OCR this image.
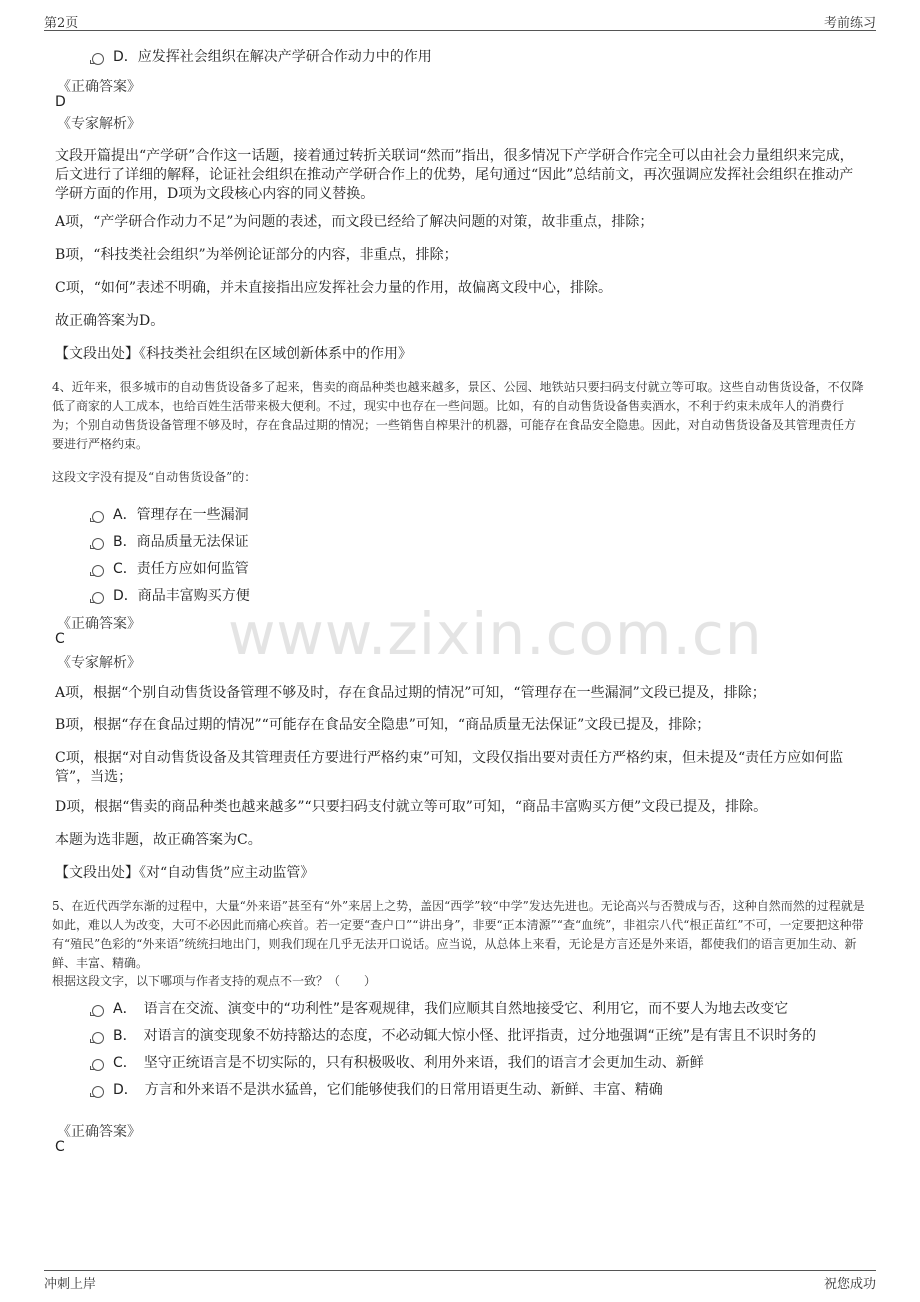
第2页	考前练习
D．应发挥社会组织在解决产学研合作动力中的作用
《正确答案》
D
《专家解析》
文段开篇提出“产学研”合作这一话题，接着通过转折关联词“然而”指出，很多情况下产学研合作完全可以由社会力量组织来完成，后文进行了详细的解释，论证社会组织在推动产学研合作上的优势，尾句通过“因此”总结前文，再次强调应发挥社会组织在推动产学研方面的作用，D项为文段核心内容的同义替换。
A项，“产学研合作动力不足”为问题的表述，而文段已经给了解决问题的对策，故非重点，排除；
B项，“科技类社会组织”为举例论证部分的内容，非重点，排除；
C项，“如何”表述不明确，并未直接指出应发挥社会力量的作用，故偏离文段中心，排除。
故正确答案为D。
【文段出处】《科技类社会组织在区域创新体系中的作用》
4、近年来，很多城市的自动售货设备多了起来，售卖的商品种类也越来越多，景区、公园、地铁站只要扫码支付就立等可取。这些自动售货设备，不仅降低了商家的人工成本，也给百姓生活带来极大便利。不过，现实中也存在一些问题。比如，有的自动售货设备售卖酒水，不利于约束未成年人的消费行为；个别自动售货设备管理不够及时，存在食品过期的情况；一些销售自榨果汁的机器，可能存在食品安全隐患。因此，对自动售货设备及其管理责任方要进行严格约束。
这段文字没有提及“自动售货设备”的：
A．管理存在一些漏洞
B．商品质量无法保证
C．责任方应如何监管
D．商品丰富购买方便
www.zixin.com.cn
《正确答案》
C
《专家解析》
A项，根据“个别自动售货设备管理不够及时，存在食品过期的情况”可知，“管理存在一些漏洞”文段已提及，排除；
B项，根据“存在食品过期的情况”“可能存在食品安全隐患”可知，“商品质量无法保证”文段已提及，排除；
C项，根据“对自动售货设备及其管理责任方要进行严格约束”可知，文段仅指出要对责任方严格约束，但未提及“责任方应如何监管”，当选；
D项，根据“售卖的商品种类也越来越多”“只要扫码支付就立等可取”可知，“商品丰富购买方便”文段已提及，排除。
本题为选非题，故正确答案为C。
【文段出处】《对“自动售货”应主动监管》
5、在近代西学东渐的过程中，大量“外来语”甚至有“外”来居上之势，盖因“西学”较“中学”发达先进也。无论高兴与否赞成与否，这种自然而然的过程就是如此，难以人为改变，大可不必因此而痛心疾首。若一定要“查户口”“讲出身”，非要“正本清源”“查“血统”，非祖宗八代“根正苗红”不可，一定要把这种带有“殖民”色彩的“外来语”统统扫地出门，则我们现在几乎无法开口说话。应当说，从总体上来看，无论是方言还是外来语，都使我们的语言更加生动、新鲜、丰富、精确。
根据这段文字，以下哪项与作者支持的观点不一致？（　　）
A．　语言在交流、演变中的“功利性”是客观规律，我们应顺其自然地接受它、利用它，而不要人为地去改变它
B．　对语言的演变现象不妨持豁达的态度，不必动辄大惊小怪、批评指责，过分地强调“正统”是有害且不识时务的
C．　坚守正统语言是不切实际的，只有积极吸收、利用外来语，我们的语言才会更加生动、新鲜
D．　方言和外来语不是洪水猛兽，它们能够使我们的日常用语更生动、新鲜、丰富、精确
《正确答案》
C
冲刺上岸	祝您成功
